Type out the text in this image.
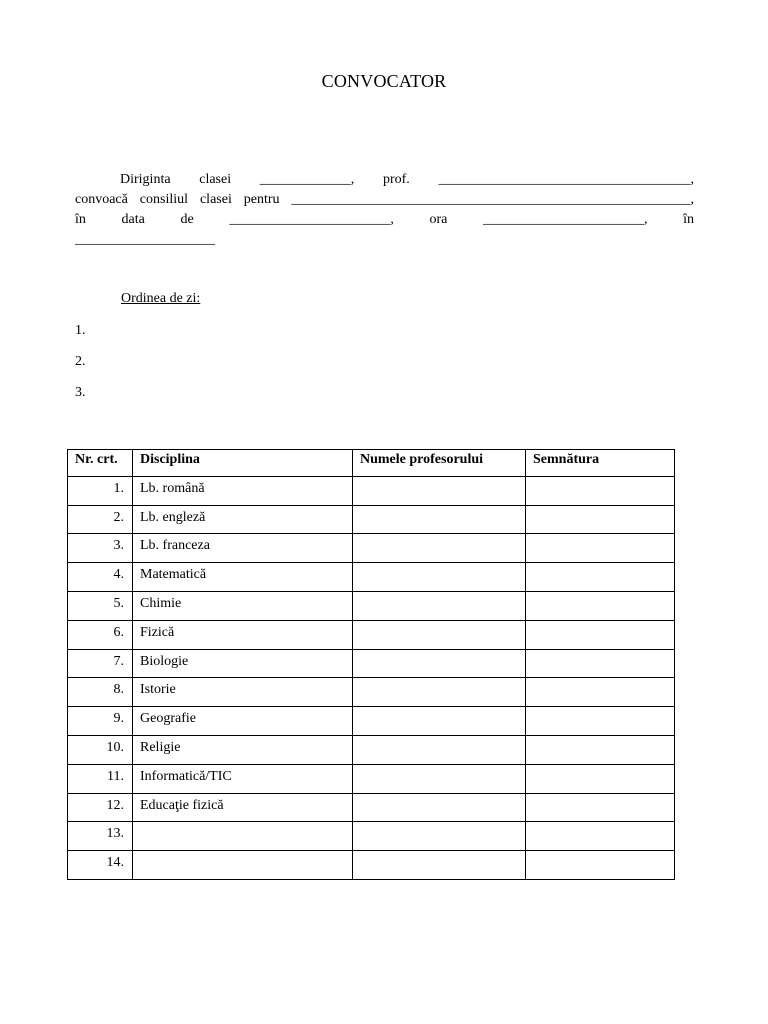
CONVOCATOR
Diriginta clasei _____________, prof. ____________________________________,
convoacă consiliul clasei pentru _________________________________________________________,
în	data	de	_______________________,	ora	_______________________,	în
____________________
Ordinea de zi:
1.
2.
3.
Nr. crt.	Disciplina	Numele profesorului	Semnătura
1.	Lb. română		
2.	Lb. engleză		
3.	Lb. franceza		
4.	Matematică		
5.	Chimie		
6.	Fizică		
7.	Biologie		
8.	Istorie		
9.	Geografie		
10.	Religie		
11.	Informatică/TIC		
12.	Educaţie fizică		
13.			
14.			
